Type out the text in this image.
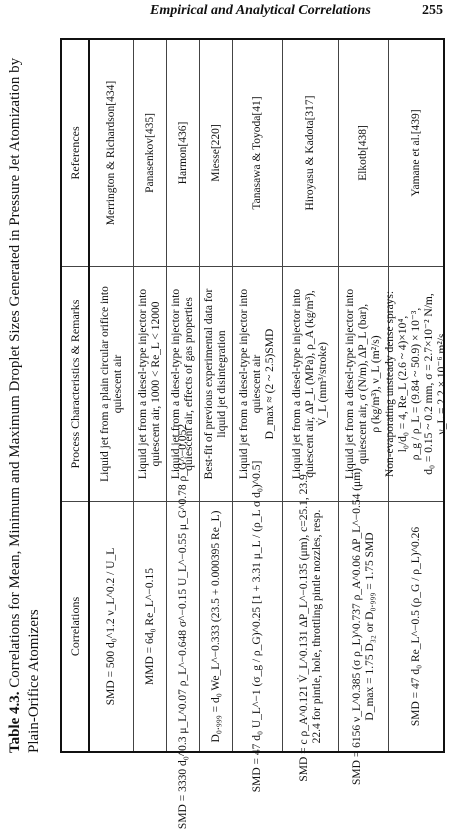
Empirical and Analytical Correlations	255
Table 4.3. Correlations for Mean, Minimum and Maximum Droplet Sizes Generated in Pressure Jet Atomization by Plain-Orifice Atomizers	Correlations
Process Characteristics & Remarks
References
SMD = 500 d₀^1.2 ν_L^0.2 / U_L
Liquid jet from a plain circular orifice into quiescent air
Merrington & Richardson[434]
MMD = 6d₀ Re_L^−0.15
Liquid jet from a diesel-type injector into quiescent air, 1000 < Re_L < 12000
Panasenkov[435]
SMD = 3330 d₀^0.3 μ_L^0.07 ρ_L^−0.648 σ^−0.15 U_L^−0.55 μ_G^0.78 ρ_G^−0.052
Liquid jet from a diesel-type injector into quiescent air, effects of gas properties
Harmon[436]
D₀.₉₉₉ = d₀ We_L^−0.333 (23.5 + 0.000395 Re_L)
Best-fit of previous experimental data for liquid jet disintegration
Miesse[220]
SMD = 47 d₀ U_L^−1 (σ_g / ρ_G)^0.25 [1 + 3.31 μ_L / (ρ_L σ d₀)^0.5]
Liquid jet from a diesel-type injector into quiescent air D_max ≈ (2 ~ 2.5)SMD
Tanasawa & Toyoda[41]
SMD = c ρ_A^0.121 V̇_L^0.131 ΔP_L^−0.135 (μm), c=25.1, 23.9, 22.4 for pintle, hole, throttling pintle nozzles, resp.
Liquid jet from a diesel-type injector into quiescent air, ΔP_L (MPa), ρ_A (kg/m³), V̇_L (mm³/stroke)
Hiroyasu & Kadota[317]
SMD = 6156 ν_L^0.385 (σ ρ_L)^0.737 ρ_A^0.06 ΔP_L^−0.54 (μm) D_max = 1.75 D₃₂ or D₀.₉₉₉ = 1.75 SMD
Liquid jet from a diesel-type injector into quiescent air, σ (N/m), ΔP_L (bar), ρ (kg/m³), ν_L (m²/s)
Elkotb[438]
SMD = 47 d₀ Re_L^−0.5 (ρ_G / ρ_L)^0.26
Non-evaporating unsteady dense sprays: l₀/d₀ = 4, Re_L (2.6 ~ 4)×10⁴, ρ_g / ρ_L = (9.84 ~ 50.9) × 10⁻³, d₀ = 0.15 ~ 0.2 mm, σ = 2.7×10⁻² N/m, ν_L = 2.2 × 10⁻⁶ m²/s
Yamane et al.[439]
